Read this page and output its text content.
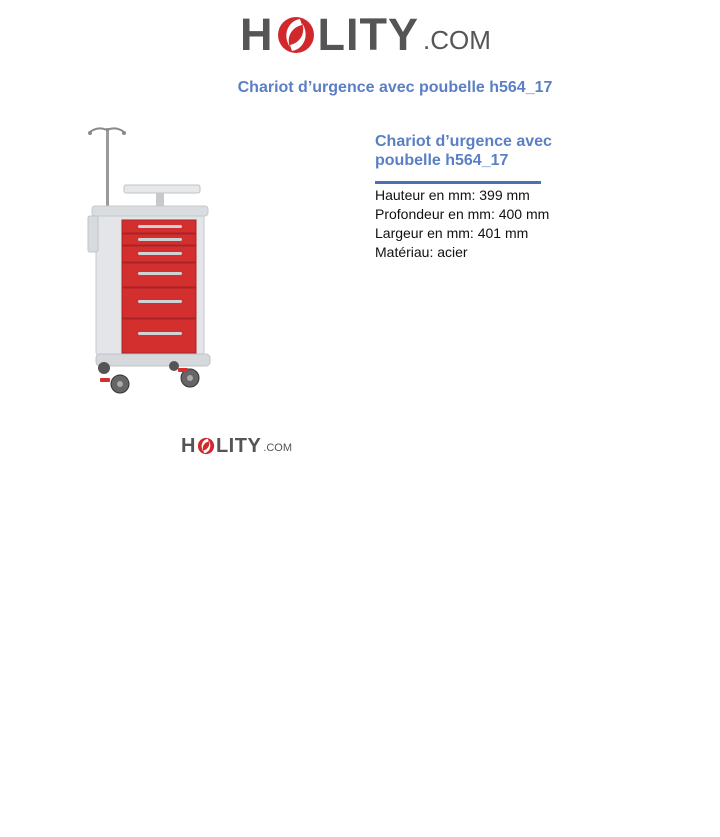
H LITY .COM
Chariot d’urgence avec poubelle h564_17
H LITY .COM
Chariot d’urgence avec poubelle h564_17
Hauteur en mm: 399 mm
Profondeur en mm: 400 mm
Largeur en mm: 401 mm
Matériau: acier
